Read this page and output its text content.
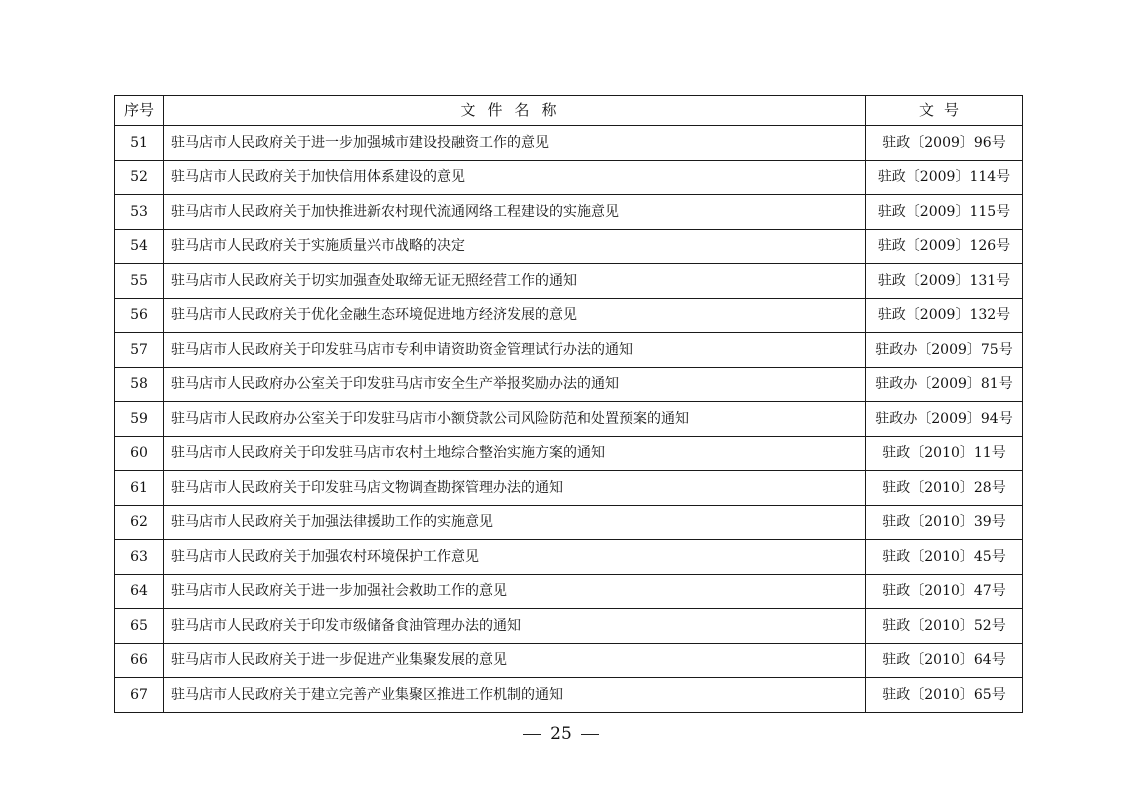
序号	文件名称	文号
51	驻马店市人民政府关于进一步加强城市建设投融资工作的意见	驻政〔2009〕96号
52	驻马店市人民政府关于加快信用体系建设的意见	驻政〔2009〕114号
53	驻马店市人民政府关于加快推进新农村现代流通网络工程建设的实施意见	驻政〔2009〕115号
54	驻马店市人民政府关于实施质量兴市战略的决定	驻政〔2009〕126号
55	驻马店市人民政府关于切实加强查处取缔无证无照经营工作的通知	驻政〔2009〕131号
56	驻马店市人民政府关于优化金融生态环境促进地方经济发展的意见	驻政〔2009〕132号
57	驻马店市人民政府关于印发驻马店市专利申请资助资金管理试行办法的通知	驻政办〔2009〕75号
58	驻马店市人民政府办公室关于印发驻马店市安全生产举报奖励办法的通知	驻政办〔2009〕81号
59	驻马店市人民政府办公室关于印发驻马店市小额贷款公司风险防范和处置预案的通知	驻政办〔2009〕94号
60	驻马店市人民政府关于印发驻马店市农村土地综合整治实施方案的通知	驻政〔2010〕11号
61	驻马店市人民政府关于印发驻马店文物调查勘探管理办法的通知	驻政〔2010〕28号
62	驻马店市人民政府关于加强法律援助工作的实施意见	驻政〔2010〕39号
63	驻马店市人民政府关于加强农村环境保护工作意见	驻政〔2010〕45号
64	驻马店市人民政府关于进一步加强社会救助工作的意见	驻政〔2010〕47号
65	驻马店市人民政府关于印发市级储备食油管理办法的通知	驻政〔2010〕52号
66	驻马店市人民政府关于进一步促进产业集聚发展的意见	驻政〔2010〕64号
67	驻马店市人民政府关于建立完善产业集聚区推进工作机制的通知	驻政〔2010〕65号
25
